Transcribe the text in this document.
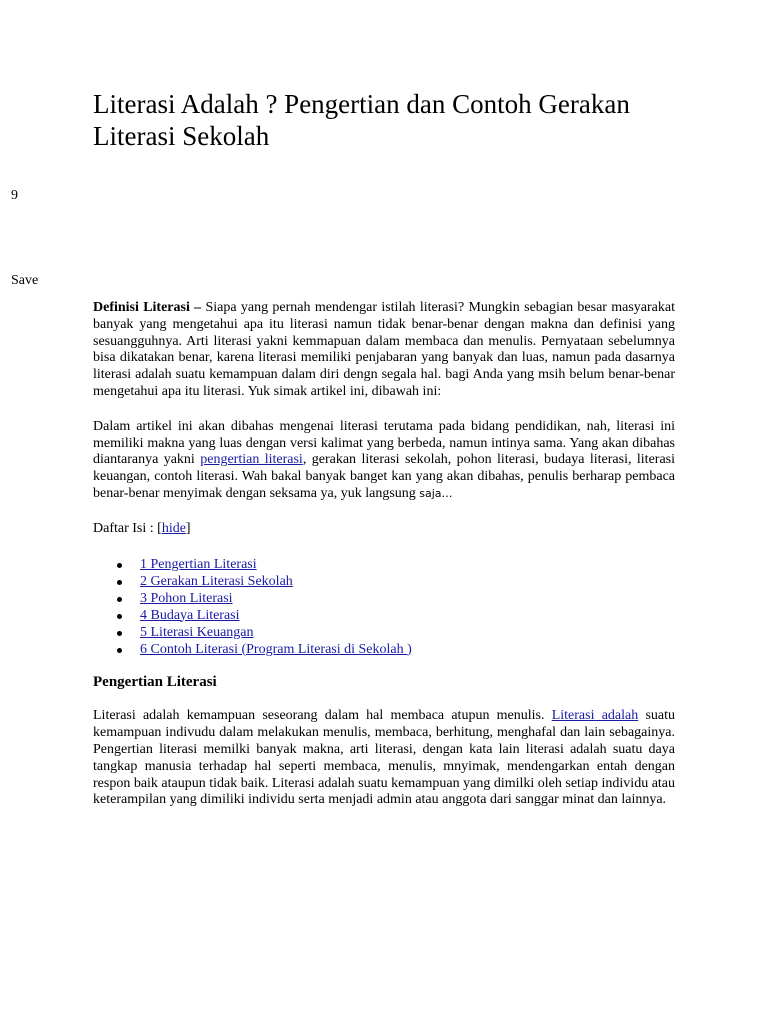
Literasi Adalah ? Pengertian dan Contoh Gerakan Literasi Sekolah
9
Save

Definisi Literasi – Siapa yang pernah mendengar istilah literasi? Mungkin sebagian besar masyarakat banyak yang mengetahui apa itu literasi namun tidak benar-benar dengan makna dan definisi yang sesuangguhnya. Arti literasi yakni kemmapuan dalam membaca dan menulis. Pernyataan sebelumnya bisa dikatakan benar, karena literasi memiliki penjabaran yang banyak dan luas, namun pada dasarnya literasi adalah suatu kemampuan dalam diri dengn segala hal. bagi Anda yang msih belum benar-benar mengetahui apa itu literasi. Yuk simak artikel ini, dibawah ini:

Dalam artikel ini akan dibahas mengenai literasi terutama pada bidang pendidikan, nah, literasi ini memiliki makna yang luas dengan versi kalimat yang berbeda, namun intinya sama. Yang akan dibahas diantaranya yakni pengertian literasi, gerakan literasi sekolah, pohon literasi, budaya literasi, literasi keuangan, contoh literasi. Wah bakal banyak banget kan yang akan dibahas, penulis berharap pembaca benar-benar menyimak dengan seksama ya, yuk langsung saja…

Daftar Isi : [hide]
1 Pengertian Literasi
2 Gerakan Literasi Sekolah
3 Pohon Literasi
4 Budaya Literasi
5 Literasi Keuangan
6 Contoh Literasi (Program Literasi di Sekolah )
Pengertian Literasi

Literasi adalah kemampuan seseorang dalam hal membaca atupun menulis. Literasi adalah suatu kemampuan indivudu dalam melakukan menulis, membaca, berhitung, menghafal dan lain sebagainya. Pengertian literasi memilki banyak makna, arti literasi, dengan kata lain literasi adalah suatu daya tangkap manusia terhadap hal seperti membaca, menulis, mnyimak, mendengarkan entah dengan respon baik ataupun tidak baik. Literasi adalah suatu kemampuan yang dimilki oleh setiap individu atau keterampilan yang dimiliki individu serta menjadi admin atau anggota dari sanggar minat dan lainnya.
